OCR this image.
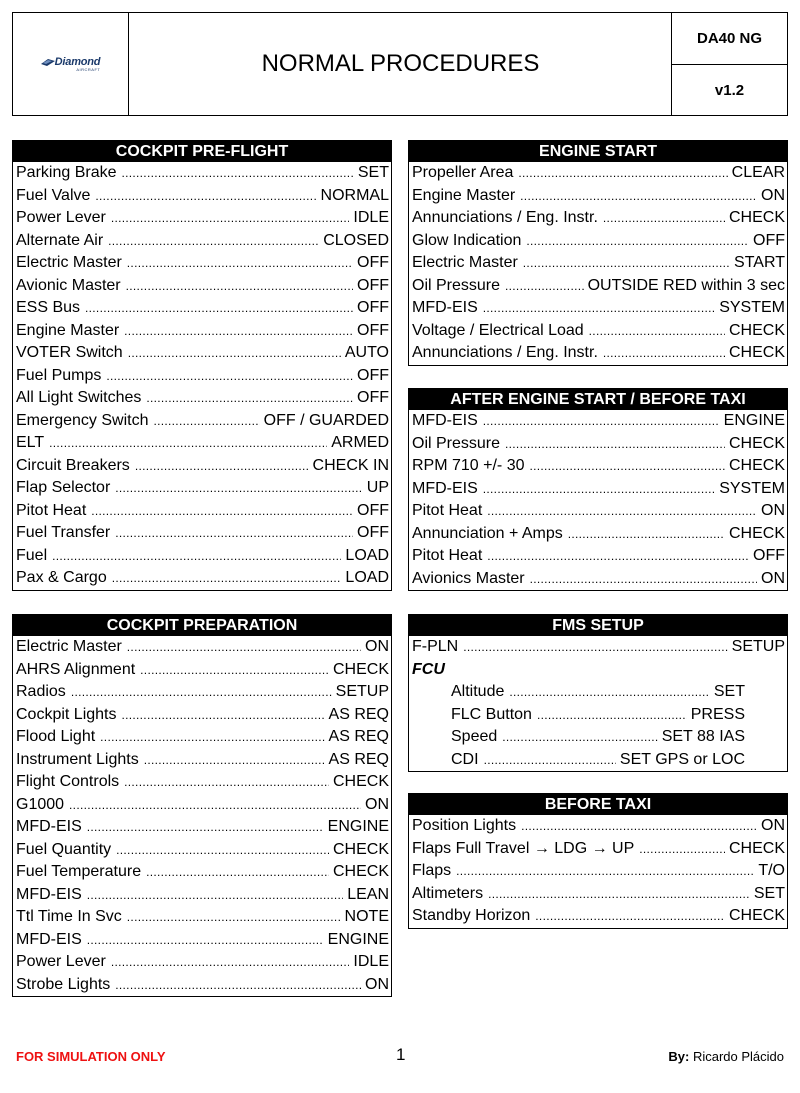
Diamond
AIRCRAFT	NORMAL PROCEDURES
DA40 NG
v1.2
COCKPIT PRE-FLIGHT
Parking Brake .....	SET
Fuel Valve .....	NORMAL
Power Lever .....	IDLE
Alternate Air .....	CLOSED
Electric Master .....	OFF
Avionic Master .....	OFF
ESS Bus .....	OFF
Engine Master .....	OFF
VOTER Switch .....	AUTO
Fuel Pumps .....	OFF
All Light Switches .....	OFF
Emergency Switch .....	OFF / GUARDED
ELT .....	ARMED
Circuit Breakers .....	CHECK IN
Flap Selector .....	UP
Pitot Heat .....	OFF
Fuel Transfer .....	OFF
Fuel .....	LOAD
Pax & Cargo .....	LOAD
COCKPIT PREPARATION
Electric Master .....	ON
AHRS Alignment .....	CHECK
Radios .....	SETUP
Cockpit Lights .....	AS REQ
Flood Light .....	AS REQ
Instrument Lights .....	AS REQ
Flight Controls .....	CHECK
G1000 .....	ON
MFD-EIS .....	ENGINE
Fuel Quantity .....	CHECK
Fuel Temperature .....	CHECK
MFD-EIS .....	LEAN
Ttl Time In Svc .....	NOTE
MFD-EIS .....	ENGINE
Power Lever .....	IDLE
Strobe Lights .....	ON
ENGINE START
Propeller Area .....	CLEAR
Engine Master .....	ON
Annunciations / Eng. Instr. .....	CHECK
Glow Indication .....	OFF
Electric Master .....	START
Oil Pressure .....	OUTSIDE RED within 3 sec
MFD-EIS .....	SYSTEM
Voltage / Electrical Load .....	CHECK
Annunciations / Eng. Instr. .....	CHECK
AFTER ENGINE START / BEFORE TAXI
MFD-EIS .....	ENGINE
Oil Pressure .....	CHECK
RPM 710 +/- 30 .....	CHECK
MFD-EIS .....	SYSTEM
Pitot Heat .....	ON
Annunciation + Amps .....	CHECK
Pitot Heat .....	OFF
Avionics Master .....	ON
FMS SETUP
F-PLN .....	SETUP
FCU
Altitude .....	SET
FLC Button .....	PRESS
Speed .....	SET 88 IAS
CDI .....	SET GPS or LOC
BEFORE TAXI
Position Lights .....	ON
Flaps Full Travel → LDG → UP .....	CHECK
Flaps .....	T/O
Altimeters .....	SET
Standby Horizon .....	CHECK
FOR SIMULATION ONLY	1	By: Ricardo Plácido
